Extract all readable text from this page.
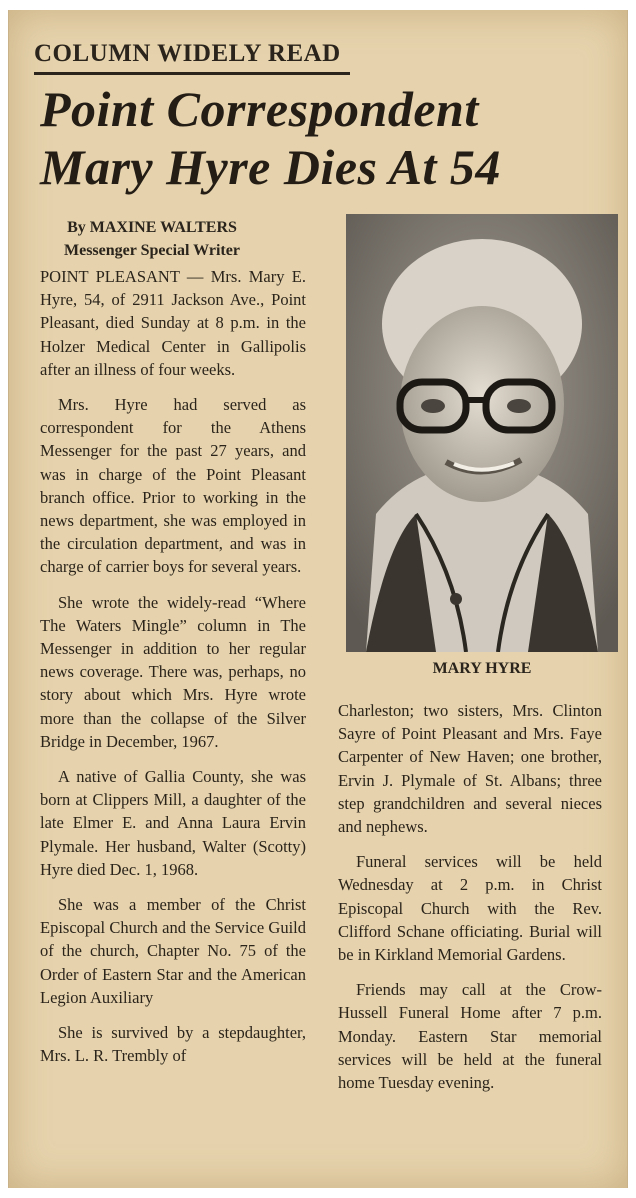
COLUMN WIDELY READ
Point Correspondent
Mary Hyre Dies At 54
By MAXINE WALTERS
Messenger Special Writer

POINT PLEASANT — Mrs. Mary E. Hyre, 54, of 2911 Jackson Ave., Point Pleasant, died Sunday at 8 p.m. in the Holzer Medical Center in Gallipolis after an illness of four weeks.

Mrs. Hyre had served as correspondent for the Athens Messenger for the past 27 years, and was in charge of the Point Pleasant branch office. Prior to working in the news department, she was employed in the circulation department, and was in charge of carrier boys for several years.

She wrote the widely-read “Where The Waters Mingle” column in The Messenger in addition to her regular news coverage. There was, perhaps, no story about which Mrs. Hyre wrote more than the collapse of the Silver Bridge in December, 1967.

A native of Gallia County, she was born at Clippers Mill, a daughter of the late Elmer E. and Anna Laura Ervin Plymale. Her husband, Walter (Scotty) Hyre died Dec. 1, 1968.

She was a member of the Christ Episcopal Church and the Service Guild of the church, Chapter No. 75 of the Order of Eastern Star and the American Legion Auxiliary

She is survived by a stepdaughter, Mrs. L. R. Trembly of

MARY HYRE

Charleston; two sisters, Mrs. Clinton Sayre of Point Pleasant and Mrs. Faye Carpenter of New Haven; one brother, Ervin J. Plymale of St. Albans; three step grandchildren and several nieces and nephews.

Funeral services will be held Wednesday at 2 p.m. in Christ Episcopal Church with the Rev. Clifford Schane officiating. Burial will be in Kirkland Memorial Gardens.

Friends may call at the Crow-Hussell Funeral Home after 7 p.m. Monday. Eastern Star memorial services will be held at the funeral home Tuesday evening.
